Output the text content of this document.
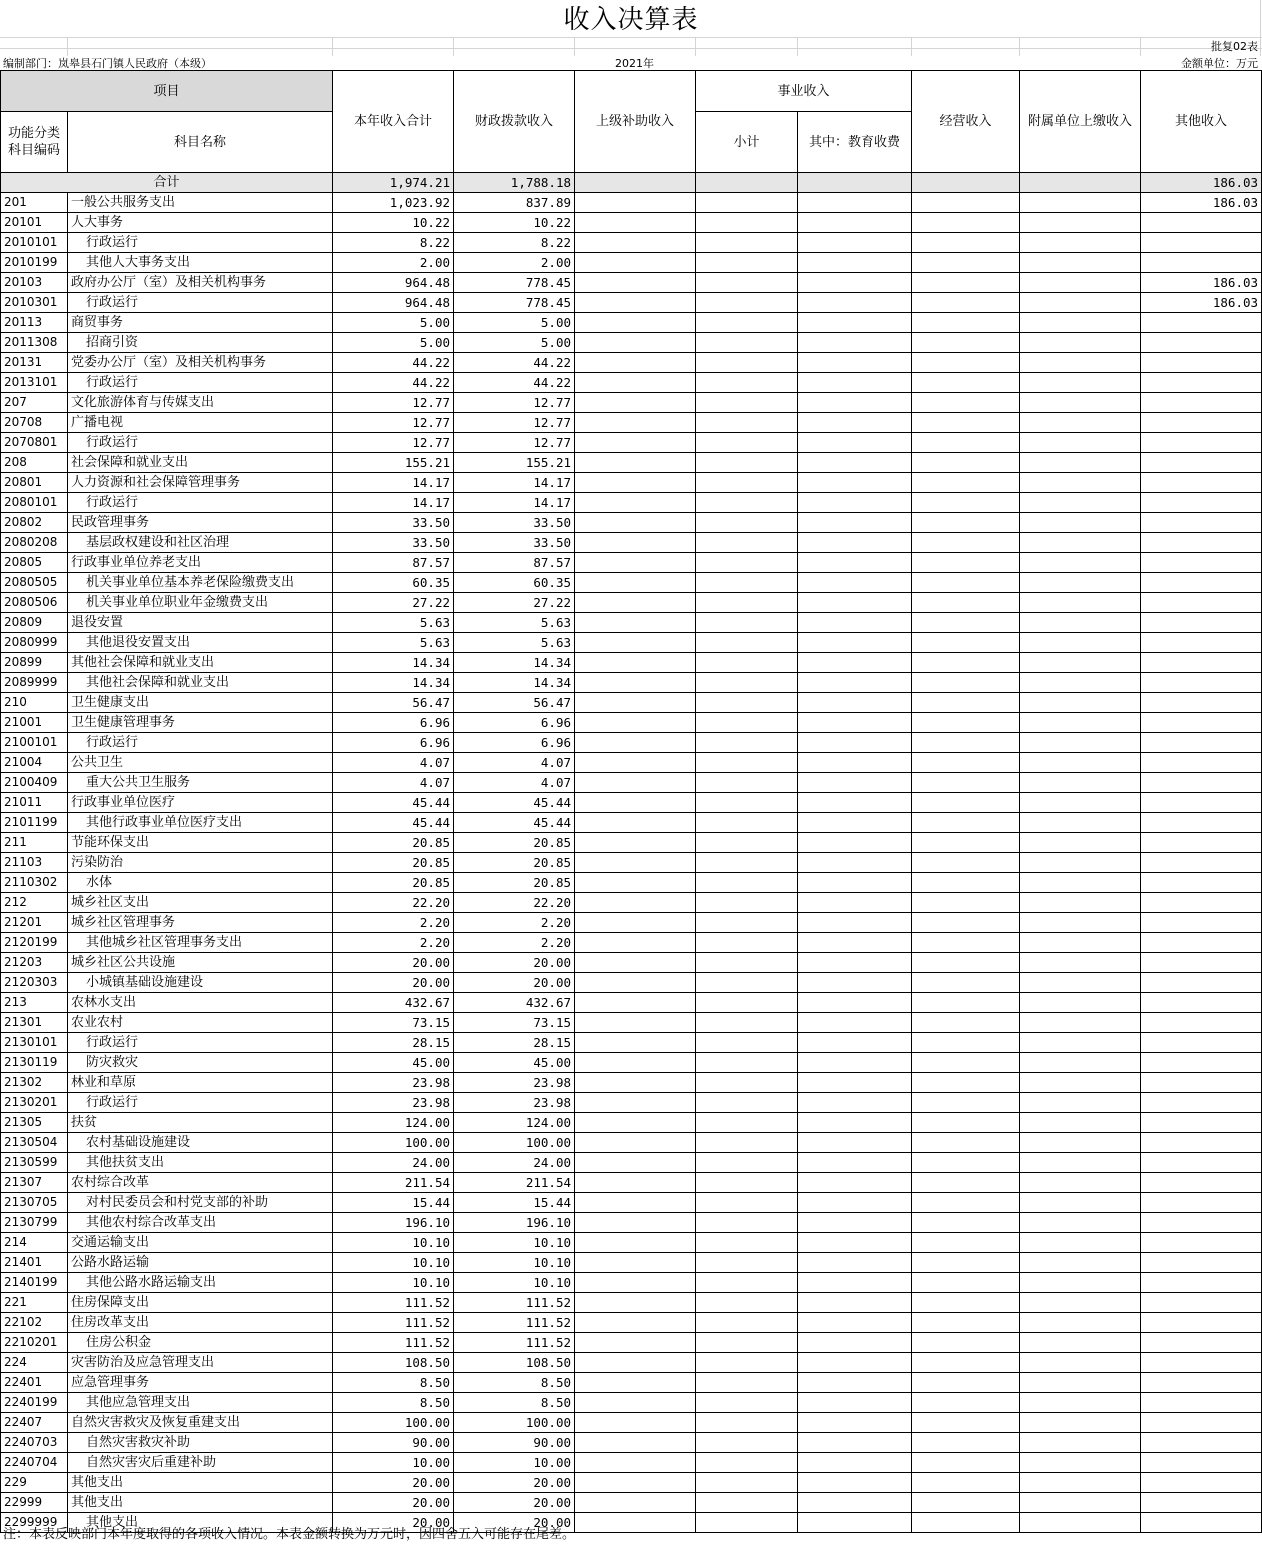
收入决算表
批复02表
编制部门：岚皋县石门镇人民政府（本级）	2021年	金额单位：万元
项目		本年收入合计	财政拨款收入	上级补助收入	事业收入		经营收入	附属单位上缴收入	其他收入
功能分类科目编码	科目名称				小计	其中：教育收费			

合计		1,974.21	1,788.18						186.03
201	一般公共服务支出	1,023.92	837.89						186.03
20101	人大事务	10.22	10.22						
2010101	行政运行	8.22	8.22						
2010199	其他人大事务支出	2.00	2.00						
20103	政府办公厅（室）及相关机构事务	964.48	778.45						186.03
2010301	行政运行	964.48	778.45						186.03
20113	商贸事务	5.00	5.00						
2011308	招商引资	5.00	5.00						
20131	党委办公厅（室）及相关机构事务	44.22	44.22						
2013101	行政运行	44.22	44.22						
207	文化旅游体育与传媒支出	12.77	12.77						
20708	广播电视	12.77	12.77						
2070801	行政运行	12.77	12.77						
208	社会保障和就业支出	155.21	155.21						
20801	人力资源和社会保障管理事务	14.17	14.17						
2080101	行政运行	14.17	14.17						
20802	民政管理事务	33.50	33.50						
2080208	基层政权建设和社区治理	33.50	33.50						
20805	行政事业单位养老支出	87.57	87.57						
2080505	机关事业单位基本养老保险缴费支出	60.35	60.35						
2080506	机关事业单位职业年金缴费支出	27.22	27.22						
20809	退役安置	5.63	5.63						
2080999	其他退役安置支出	5.63	5.63						
20899	其他社会保障和就业支出	14.34	14.34						
2089999	其他社会保障和就业支出	14.34	14.34						
210	卫生健康支出	56.47	56.47						
21001	卫生健康管理事务	6.96	6.96						
2100101	行政运行	6.96	6.96						
21004	公共卫生	4.07	4.07						
2100409	重大公共卫生服务	4.07	4.07						
21011	行政事业单位医疗	45.44	45.44						
2101199	其他行政事业单位医疗支出	45.44	45.44						
211	节能环保支出	20.85	20.85						
21103	污染防治	20.85	20.85						
2110302	水体	20.85	20.85						
212	城乡社区支出	22.20	22.20						
21201	城乡社区管理事务	2.20	2.20						
2120199	其他城乡社区管理事务支出	2.20	2.20						
21203	城乡社区公共设施	20.00	20.00						
2120303	小城镇基础设施建设	20.00	20.00						
213	农林水支出	432.67	432.67						
21301	农业农村	73.15	73.15						
2130101	行政运行	28.15	28.15						
2130119	防灾救灾	45.00	45.00						
21302	林业和草原	23.98	23.98						
2130201	行政运行	23.98	23.98						
21305	扶贫	124.00	124.00						
2130504	农村基础设施建设	100.00	100.00						
2130599	其他扶贫支出	24.00	24.00						
21307	农村综合改革	211.54	211.54						
2130705	对村民委员会和村党支部的补助	15.44	15.44						
2130799	其他农村综合改革支出	196.10	196.10						
214	交通运输支出	10.10	10.10						
21401	公路水路运输	10.10	10.10						
2140199	其他公路水路运输支出	10.10	10.10						
221	住房保障支出	111.52	111.52						
22102	住房改革支出	111.52	111.52						
2210201	住房公积金	111.52	111.52						
224	灾害防治及应急管理支出	108.50	108.50						
22401	应急管理事务	8.50	8.50						
2240199	其他应急管理支出	8.50	8.50						
22407	自然灾害救灾及恢复重建支出	100.00	100.00						
2240703	自然灾害救灾补助	90.00	90.00						
2240704	自然灾害灾后重建补助	10.00	10.00						
229	其他支出	20.00	20.00						
22999	其他支出	20.00	20.00						
2299999	其他支出	20.00	20.00						
注：本表反映部门本年度取得的各项收入情况。本表金额转换为万元时，因四舍五入可能存在尾差。
